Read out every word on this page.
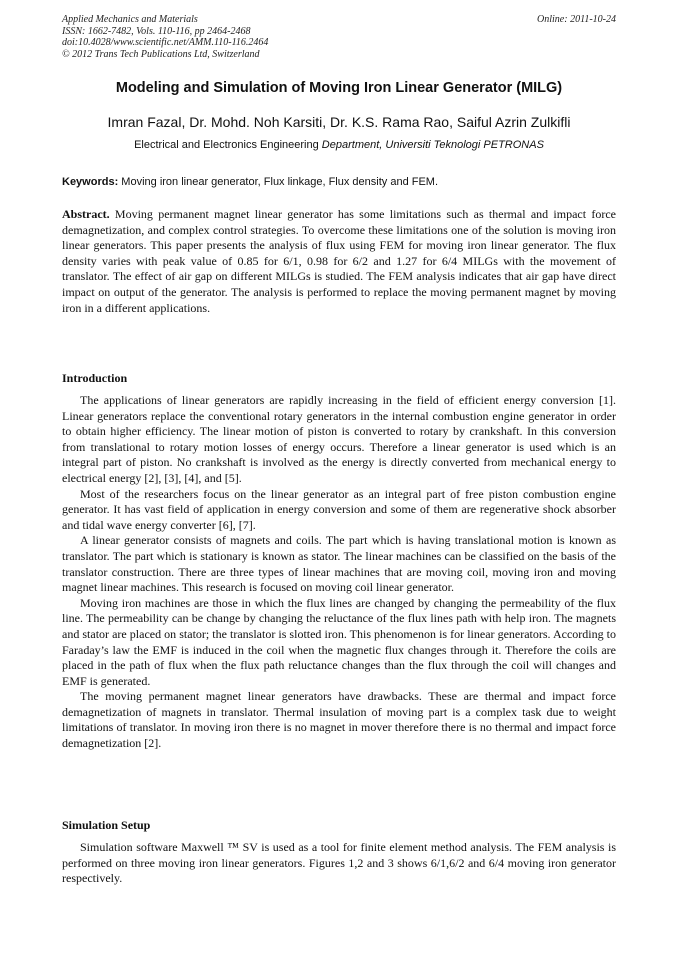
Applied Mechanics and Materials
ISSN: 1662-7482, Vols. 110-116, pp 2464-2468
doi:10.4028/www.scientific.net/AMM.110-116.2464
© 2012 Trans Tech Publications Ltd, Switzerland
Online: 2011-10-24
Modeling and Simulation of Moving Iron Linear Generator (MILG)
Imran Fazal, Dr. Mohd. Noh Karsiti, Dr. K.S. Rama Rao, Saiful Azrin Zulkifli
Electrical and Electronics Engineering Department, Universiti Teknologi PETRONAS
Keywords: Moving iron linear generator, Flux linkage, Flux density and FEM.

Abstract. Moving permanent magnet linear generator has some limitations such as thermal and impact force demagnetization, and complex control strategies. To overcome these limitations one of the solution is moving iron linear generators. This paper presents the analysis of flux using FEM for moving iron linear generator. The flux density varies with peak value of 0.85 for 6/1, 0.98 for 6/2 and 1.27 for 6/4 MILGs with the movement of translator. The effect of air gap on different MILGs is studied. The FEM analysis indicates that air gap have direct impact on output of the generator. The analysis is performed to replace the moving permanent magnet by moving iron in a different applications.

Introduction

The applications of linear generators are rapidly increasing in the field of efficient energy conversion [1]. Linear generators replace the conventional rotary generators in the internal combustion engine generator in order to obtain higher efficiency. The linear motion of piston is converted to rotary by crankshaft. In this conversion from translational to rotary motion losses of energy occurs. Therefore a linear generator is used which is an integral part of piston. No crankshaft is involved as the energy is directly converted from mechanical energy to electrical energy [2], [3], [4], and [5].

Most of the researchers focus on the linear generator as an integral part of free piston combustion engine generator. It has vast field of application in energy conversion and some of them are regenerative shock absorber and tidal wave energy converter [6], [7].

A linear generator consists of magnets and coils. The part which is having translational motion is known as translator. The part which is stationary is known as stator. The linear machines can be classified on the basis of the translator construction. There are three types of linear machines that are moving coil, moving iron and moving magnet linear machines. This research is focused on moving coil linear generator.

Moving iron machines are those in which the flux lines are changed by changing the permeability of the flux line. The permeability can be change by changing the reluctance of the flux lines path with help iron. The magnets and stator are placed on stator; the translator is slotted iron. This phenomenon is for linear generators. According to Faraday’s law the EMF is induced in the coil when the magnetic flux changes through it. Therefore the coils are placed in the path of flux when the flux path reluctance changes than the flux through the coil will changes and EMF is generated.

The moving permanent magnet linear generators have drawbacks. These are thermal and impact force demagnetization of magnets in translator. Thermal insulation of moving part is a complex task due to weight limitations of translator. In moving iron there is no magnet in mover therefore there is no thermal and impact force demagnetization [2].

Simulation Setup

Simulation software Maxwell ™ SV is used as a tool for finite element method analysis. The FEM analysis is performed on three moving iron linear generators. Figures 1,2 and 3 shows 6/1,6/2 and 6/4 moving iron generator respectively.
